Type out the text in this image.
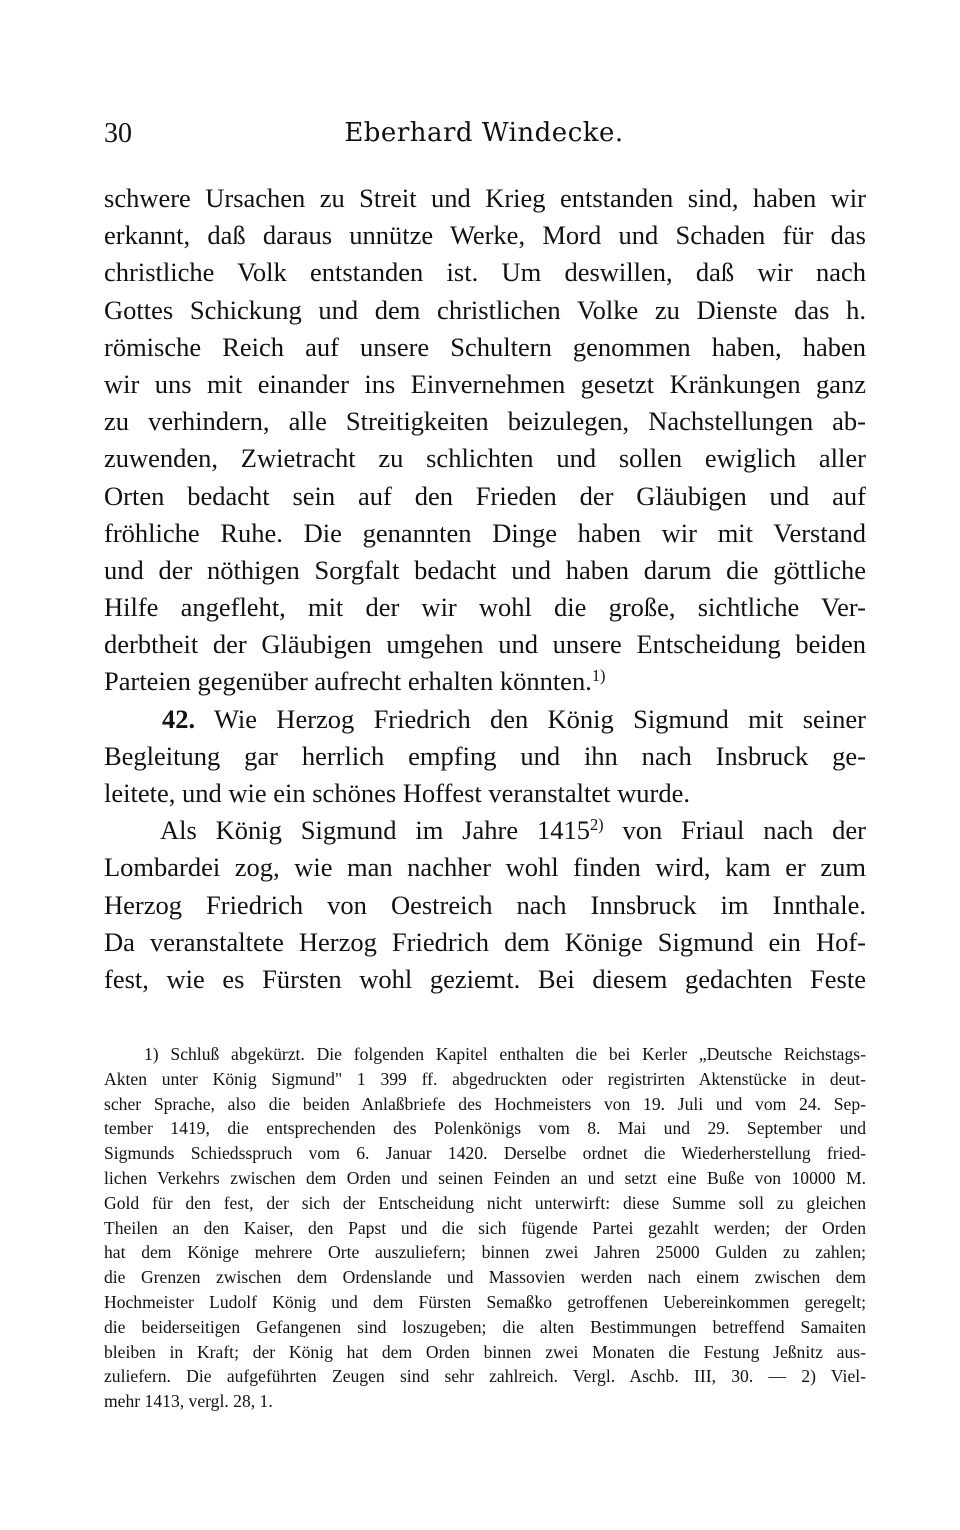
30	Eberhard Windecke.
schwere Ursachen zu Streit und Krieg entstanden sind, haben wir
erkannt, daß daraus unnütze Werke, Mord und Schaden für das
christliche Volk entstanden ist. Um deswillen, daß wir nach
Gottes Schickung und dem christlichen Volke zu Dienste das h.
römische Reich auf unsere Schultern genommen haben, haben
wir uns mit einander ins Einvernehmen gesetzt Kränkungen ganz
zu verhindern, alle Streitigkeiten beizulegen, Nachstellungen ab-
zuwenden, Zwietracht zu schlichten und sollen ewiglich aller
Orten bedacht sein auf den Frieden der Gläubigen und auf
fröhliche Ruhe. Die genannten Dinge haben wir mit Verstand
und der nöthigen Sorgfalt bedacht und haben darum die göttliche
Hilfe angefleht, mit der wir wohl die große, sichtliche Ver-
derbtheit der Gläubigen umgehen und unsere Entscheidung beiden
Parteien gegenüber aufrecht erhalten könnten.$^{1)}$
42. Wie Herzog Friedrich den König Sigmund mit seiner
Begleitung gar herrlich empfing und ihn nach Insbruck ge-
leitete, und wie ein schönes Hoffest veranstaltet wurde.
Als König Sigmund im Jahre 1415$^{2)}$ von Friaul nach der
Lombardei zog, wie man nachher wohl finden wird, kam er zum
Herzog Friedrich von Oestreich nach Innsbruck im Innthale.
Da veranstaltete Herzog Friedrich dem Könige Sigmund ein Hof-
fest, wie es Fürsten wohl geziemt. Bei diesem gedachten Feste
1) Schluß abgekürzt. Die folgenden Kapitel enthalten die bei Kerler „Deutsche Reichstags-
Akten unter König Sigmund" 1 399 ff. abgedruckten oder registrirten Aktenstücke in deut-
scher Sprache, also die beiden Anlaßbriefe des Hochmeisters von 19. Juli und vom 24. Sep-
tember 1419, die entsprechenden des Polenkönigs vom 8. Mai und 29. September und
Sigmunds Schiedsspruch vom 6. Januar 1420. Derselbe ordnet die Wiederherstellung fried-
lichen Verkehrs zwischen dem Orden und seinen Feinden an und setzt eine Buße von 10000 M.
Gold für den fest, der sich der Entscheidung nicht unterwirft: diese Summe soll zu gleichen
Theilen an den Kaiser, den Papst und die sich fügende Partei gezahlt werden; der Orden
hat dem Könige mehrere Orte auszuliefern; binnen zwei Jahren 25000 Gulden zu zahlen;
die Grenzen zwischen dem Ordenslande und Massovien werden nach einem zwischen dem
Hochmeister Ludolf König und dem Fürsten Semaßko getroffenen Uebereinkommen geregelt;
die beiderseitigen Gefangenen sind loszugeben; die alten Bestimmungen betreffend Samaiten
bleiben in Kraft; der König hat dem Orden binnen zwei Monaten die Festung Jeßnitz aus-
zuliefern. Die aufgeführten Zeugen sind sehr zahlreich. Vergl. Aschb. III, 30. — 2) Viel-
mehr 1413, vergl. 28, 1.
